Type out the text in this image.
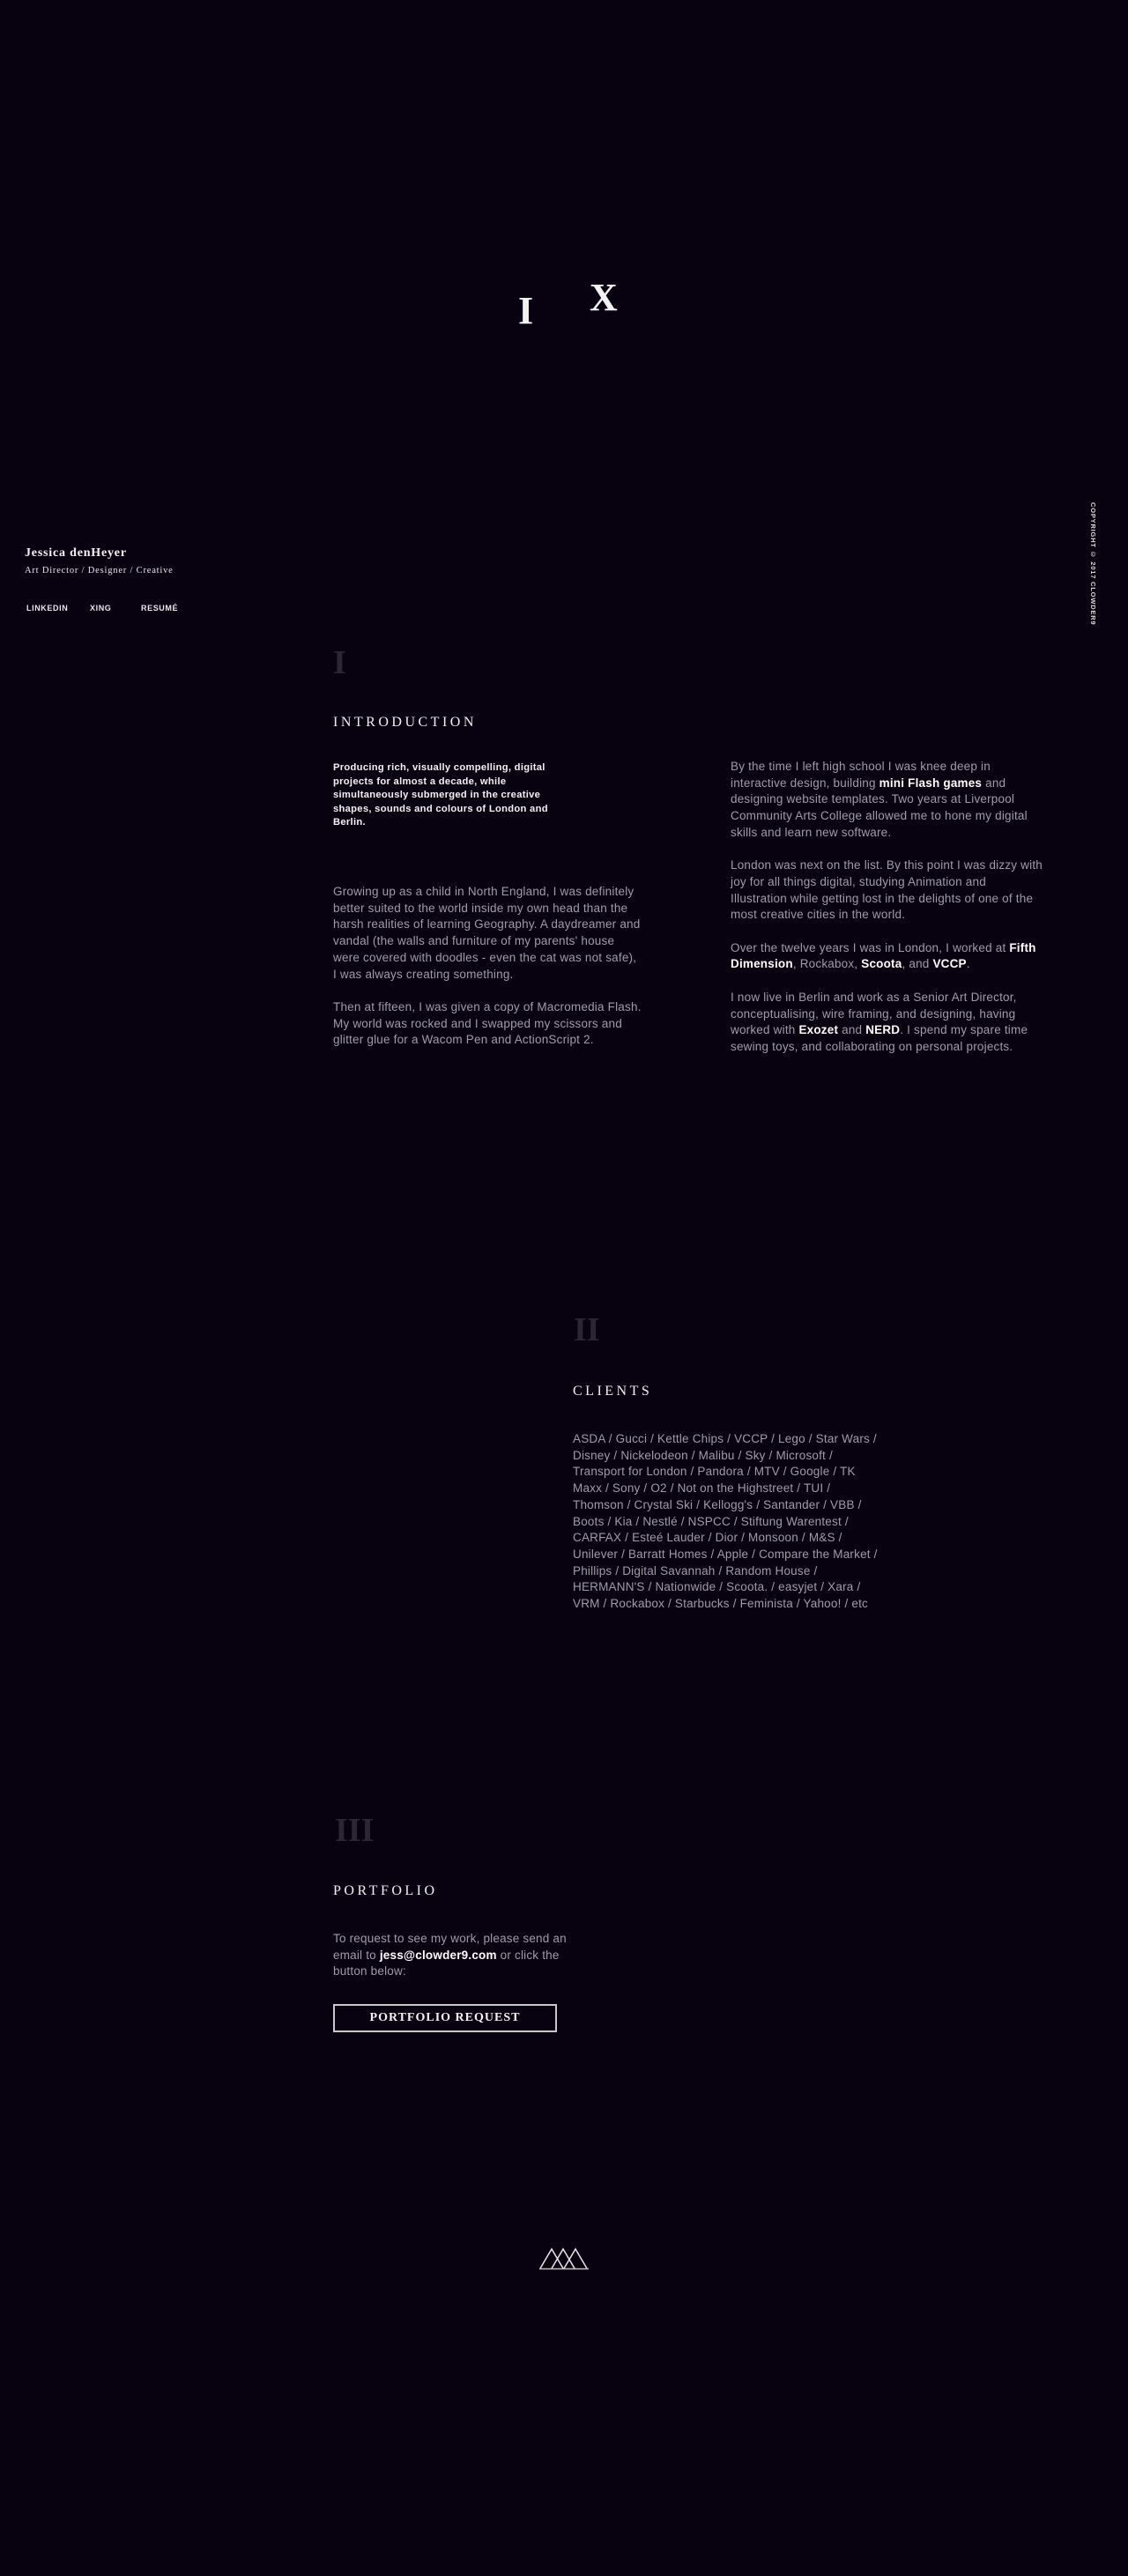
I X
Jessica denHeyer
Art Director / Designer / Creative
LINKEDIN	XING	RESUMÉ	COPYRIGHT © 2017 CLOWDER9
I
INTRODUCTION
Producing rich, visually compelling, digital projects for almost a decade, while simultaneously submerged in the creative shapes, sounds and colours of London and Berlin.

Growing up as a child in North England, I was definitely better suited to the world inside my own head than the harsh realities of learning Geography. A daydreamer and vandal (the walls and furniture of my parents' house were covered with doodles - even the cat was not safe), I was always creating something.

Then at fifteen, I was given a copy of Macromedia Flash. My world was rocked and I swapped my scissors and glitter glue for a Wacom Pen and ActionScript 2.

By the time I left high school I was knee deep in interactive design, building mini Flash games and designing website templates. Two years at Liverpool Community Arts College allowed me to hone my digital skills and learn new software.

London was next on the list. By this point I was dizzy with joy for all things digital, studying Animation and Illustration while getting lost in the delights of one of the most creative cities in the world.

Over the twelve years I was in London, I worked at Fifth Dimension, Rockabox, Scoota, and VCCP.

I now live in Berlin and work as a Senior Art Director, conceptualising, wire framing, and designing, having worked with Exozet and NERD. I spend my spare time sewing toys, and collaborating on personal projects.

II
CLIENTS
ASDA / Gucci / Kettle Chips / VCCP / Lego / Star Wars / Disney / Nickelodeon / Malibu / Sky / Microsoft / Transport for London / Pandora / MTV / Google / TK Maxx / Sony / O2 / Not on the Highstreet / TUI / Thomson / Crystal Ski / Kellogg's / Santander / VBB / Boots / Kia / Nestlé / NSPCC / Stiftung Warentest / CARFAX / Esteé Lauder / Dior / Monsoon / M&S / Unilever / Barratt Homes / Apple / Compare the Market / Phillips / Digital Savannah / Random House / HERMANN'S / Nationwide / Scoota. / easyjet / Xara / VRM / Rockabox / Starbucks / Feminista / Yahoo! / etc
III
PORTFOLIO
To request to see my work, please send an email to jess@clowder9.com or click the button below:
PORTFOLIO REQUEST
